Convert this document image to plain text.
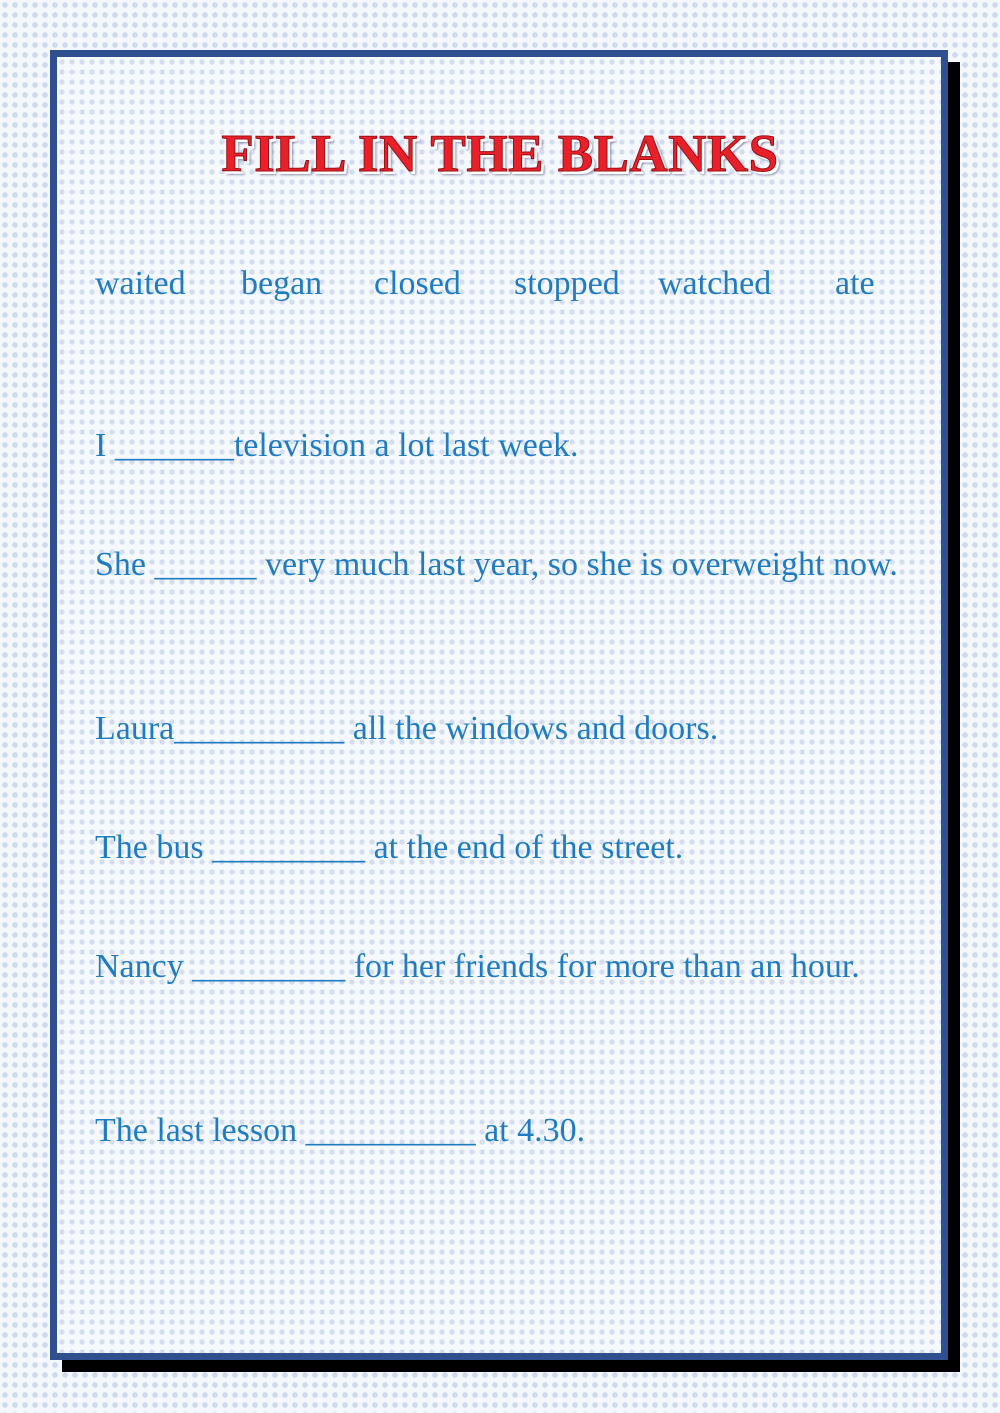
FILL IN THE BLANKS
waited began closed stopped watched ate

I _______television a lot last week.

She ______ very much last year, so she is overweight now.

Laura__________ all the windows and doors.

The bus _________ at the end of the street.

Nancy _________ for her friends for more than an hour.

The last lesson __________ at 4.30.
